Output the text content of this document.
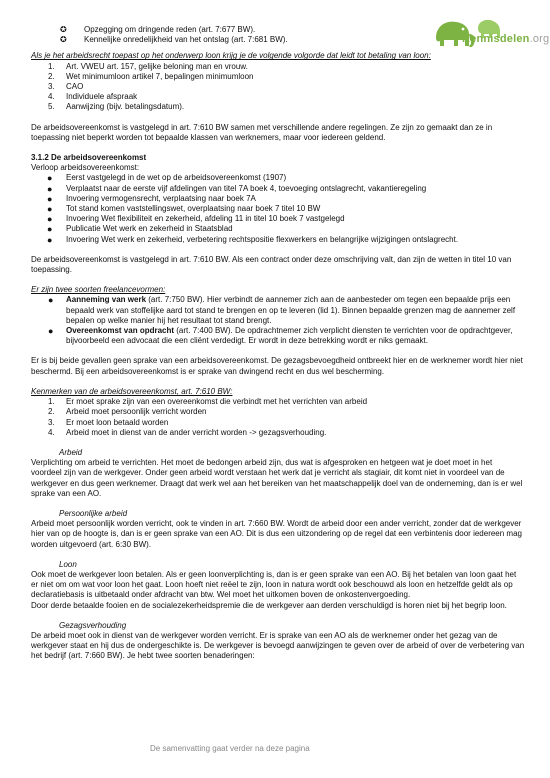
Kennisdelen.org
✪ Opzegging om dringende reden (art. 7:677 BW).
✪ Kennelijke onredelijkheid van het ontslag (art. 7:681 BW).

Als je het arbeidsrecht toepast op het onderwerp loon krijg je de volgende volgorde dat leidt tot betaling van loon:

1. Art. VWEU art. 157, gelijke beloning man en vrouw.
2. Wet minimumloon artikel 7, bepalingen minimumloon
3. CAO
4. Individuele afspraak
5. Aanwijzing (bijv. betalingsdatum).

De arbeidsovereenkomst is vastgelegd in art. 7:610 BW samen met verschillende andere regelingen. Ze zijn zo gemaakt dan ze in toepassing niet beperkt worden tot bepaalde klassen van werknemers, maar voor iedereen geldend.

3.1.2 De arbeidsovereenkomst

Verloop arbeidsovereenkomst:

● Eerst vastgelegd in de wet op de arbeidsovereenkomst (1907)
● Verplaatst naar de eerste vijf afdelingen van titel 7A boek 4, toevoeging ontslagrecht, vakantieregeling
● Invoering vermogensrecht, verplaatsing naar boek 7A
● Tot stand komen vaststellingswet, overplaatsing naar boek 7 titel 10 BW
● Invoering Wet flexibiliteit en zekerheid, afdeling 11 in titel 10 boek 7 vastgelegd
● Publicatie Wet werk en zekerheid in Staatsblad
● Invoering Wet werk en zekerheid, verbetering rechtspositie flexwerkers en belangrijke wijzigingen ontslagrecht.

De arbeidsovereenkomst is vastgelegd in art. 7:610 BW. Als een contract onder deze omschrijving valt, dan zijn de wetten in titel 10 van toepassing.

Er zijn twee soorten freelancevormen:

● Aanneming van werk (art. 7:750 BW). Hier verbindt de aannemer zich aan de aanbesteder om tegen een bepaalde prijs een bepaald werk van stoffelijke aard tot stand te brengen en op te leveren (lid 1). Binnen bepaalde grenzen mag de aannemer zelf bepalen op welke manier hij het resultaat tot stand brengt.
● Overeenkomst van opdracht (art. 7:400 BW). De opdrachtnemer zich verplicht diensten te verrichten voor de opdrachtgever, bijvoorbeeld een advocaat die een cliënt verdedigt. Er wordt in deze betrekking wordt er niks gemaakt.

Er is bij beide gevallen geen sprake van een arbeidsovereenkomst. De gezagsbevoegdheid ontbreekt hier en de werknemer wordt hier niet beschermd. Bij een arbeidsovereenkomst is er sprake van dwingend recht en dus wel bescherming.

Kenmerken van de arbeidsovereenkomst, art. 7:610 BW:

1. Er moet sprake zijn van een overeenkomst die verbindt met het verrichten van arbeid
2. Arbeid moet persoonlijk verricht worden
3. Er moet loon betaald worden
4. Arbeid moet in dienst van de ander verricht worden -> gezagsverhouding.

Arbeid

Verplichting om arbeid te verrichten. Het moet de bedongen arbeid zijn, dus wat is afgesproken en hetgeen wat je doet moet in het voordeel zijn van de werkgever. Onder geen arbeid wordt verstaan het werk dat je verricht als stagiair, dit komt niet in voordeel van de werkgever en dus geen werknemer. Draagt dat werk wel aan het bereiken van het maatschappelijk doel van de onderneming, dan is er wel sprake van een AO.

Persoonlijke arbeid

Arbeid moet persoonlijk worden verricht, ook te vinden in art. 7:660 BW. Wordt de arbeid door een ander verricht, zonder dat de werkgever hier van op de hoogte is, dan is er geen sprake van een AO. Dit is dus een uitzondering op de regel dat een verbintenis door iedereen mag worden uitgevoerd (art. 6:30 BW).

Loon

Ook moet de werkgever loon betalen. Als er geen loonverplichting is, dan is er geen sprake van een AO. Bij het betalen van loon gaat het er niet om om wat voor loon het gaat. Loon hoeft niet reëel te zijn, loon in natura wordt ook beschouwd als loon en hetzelfde geldt als op declaratiebasis is uitbetaald onder afdracht van btw. Wel moet het uitkomen boven de onkostenvergoeding.

Door derde betaalde fooien en de socialezekerheidspremie die de werkgever aan derden verschuldigd is horen niet bij het begrip loon.

Gezagsverhouding

De arbeid moet ook in dienst van de werkgever worden verricht. Er is sprake van een AO als de werknemer onder het gezag van de werkgever staat en hij dus de ondergeschikte is. De werkgever is bevoegd aanwijzingen te geven over de arbeid of over de verbetering van het bedrijf (art. 7:660 BW). Je hebt twee soorten benaderingen:

De samenvatting gaat verder na deze pagina
